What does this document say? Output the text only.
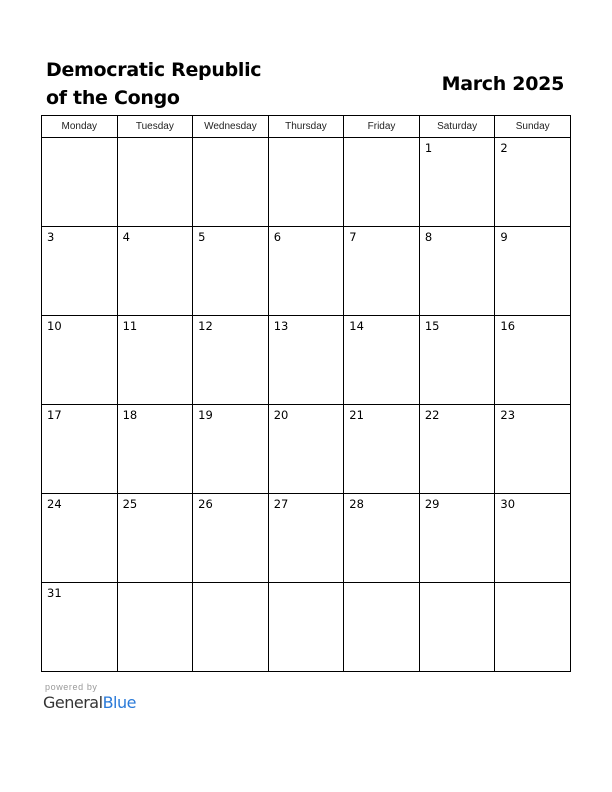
Democratic Republic
of the Congo
March 2025
Monday	Tuesday	Wednesday	Thursday	Friday	Saturday	Sunday

					1	2

3	4	5	6	7	8	9

10	11	12	13	14	15	16

17	18	19	20	21	22	23

24	25	26	27	28	29	30

31						

powered by
GeneralBlue
